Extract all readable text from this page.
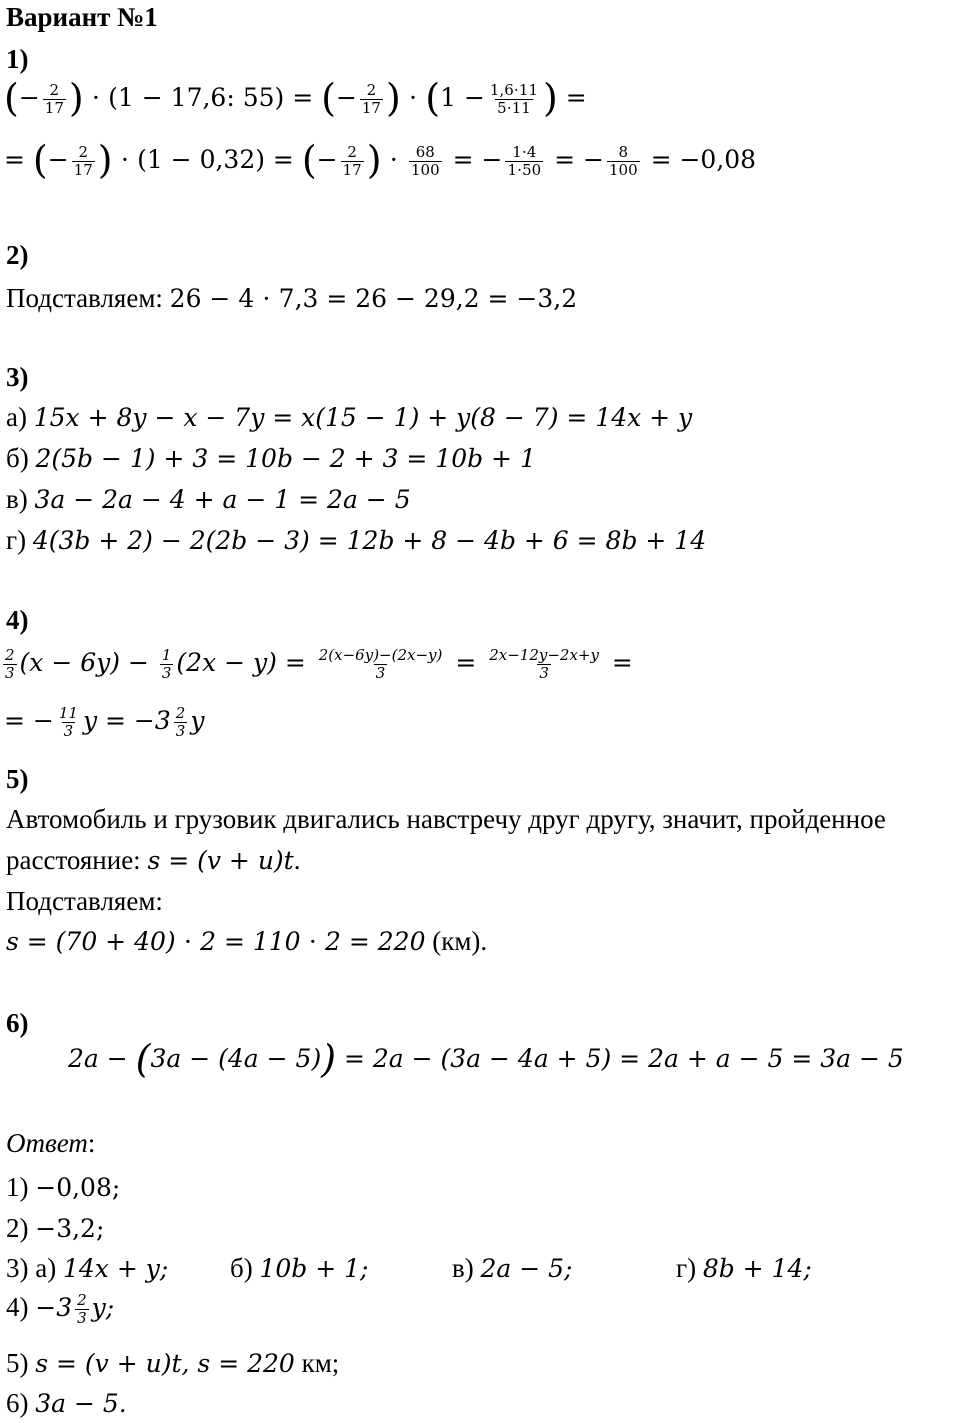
Вариант №1
1)
(− $\frac{2}{17}$ ) ⋅ (1 − 17,6: 55) = (− $\frac{2}{17}$ ) ⋅ ($1 - \frac{1,6\cdot 11}{5\cdot 11}$ ) =
= (− $\frac{2}{17}$ ) ⋅ (1 − 0,32) = (− $\frac{2}{17}$ ) ⋅ $\frac{68}{100}$ = − $\frac{1\cdot 4}{1\cdot 50}$ = − $\frac{8}{100} = -0,08$
2)
Подставляем: 26 − 4 ⋅ 7,3 = 26 − 29,2 = −3,2
3)
а) 15x + 8y − x − 7y = x(15 − 1) + y(8 − 7) = 14x + y
б) 2(5b − 1) + 3 = 10b − 2 + 3 = 10b + 1
в) 3a − 2a − 4 + a − 1 = 2a − 5
г) 4(3b + 2) − 2(2b − 3) = 12b + 8 − 4b + 6 = 8b + 14
4)
$\frac{2}{3} (x - 6y) - \frac{1}{3} (2x - y) = \frac{2(x-6y)-(2x-y)}{3} = \frac{2x-12y-2x+y}{3}$ =
= − $\frac{11}{3}$ $y = -3 \frac{2}{3}$ y
5)
Автомобиль и грузовик двигались навстречу друг другу, значит, пройденное
расстояние: s = (v + u)t.
Подставляем:
s = (70 + 40) ⋅ 2 = 110 ⋅ 2 = 220 (км).
6)
2a − (3a − (4a − 5)) = 2a − (3a − 4a + 5) = 2a + a − 5 = 3a − 5
Ответ:
1) −0,08;
2) −3,2;
3) а) 14x + y; б) 10b + 1;	в) 2a − 5;	г) 8b + 14;
$4) -3 \frac{2}{3} y$;
5) s = (v + u)t, s = 220 км;
6) 3a − 5.
